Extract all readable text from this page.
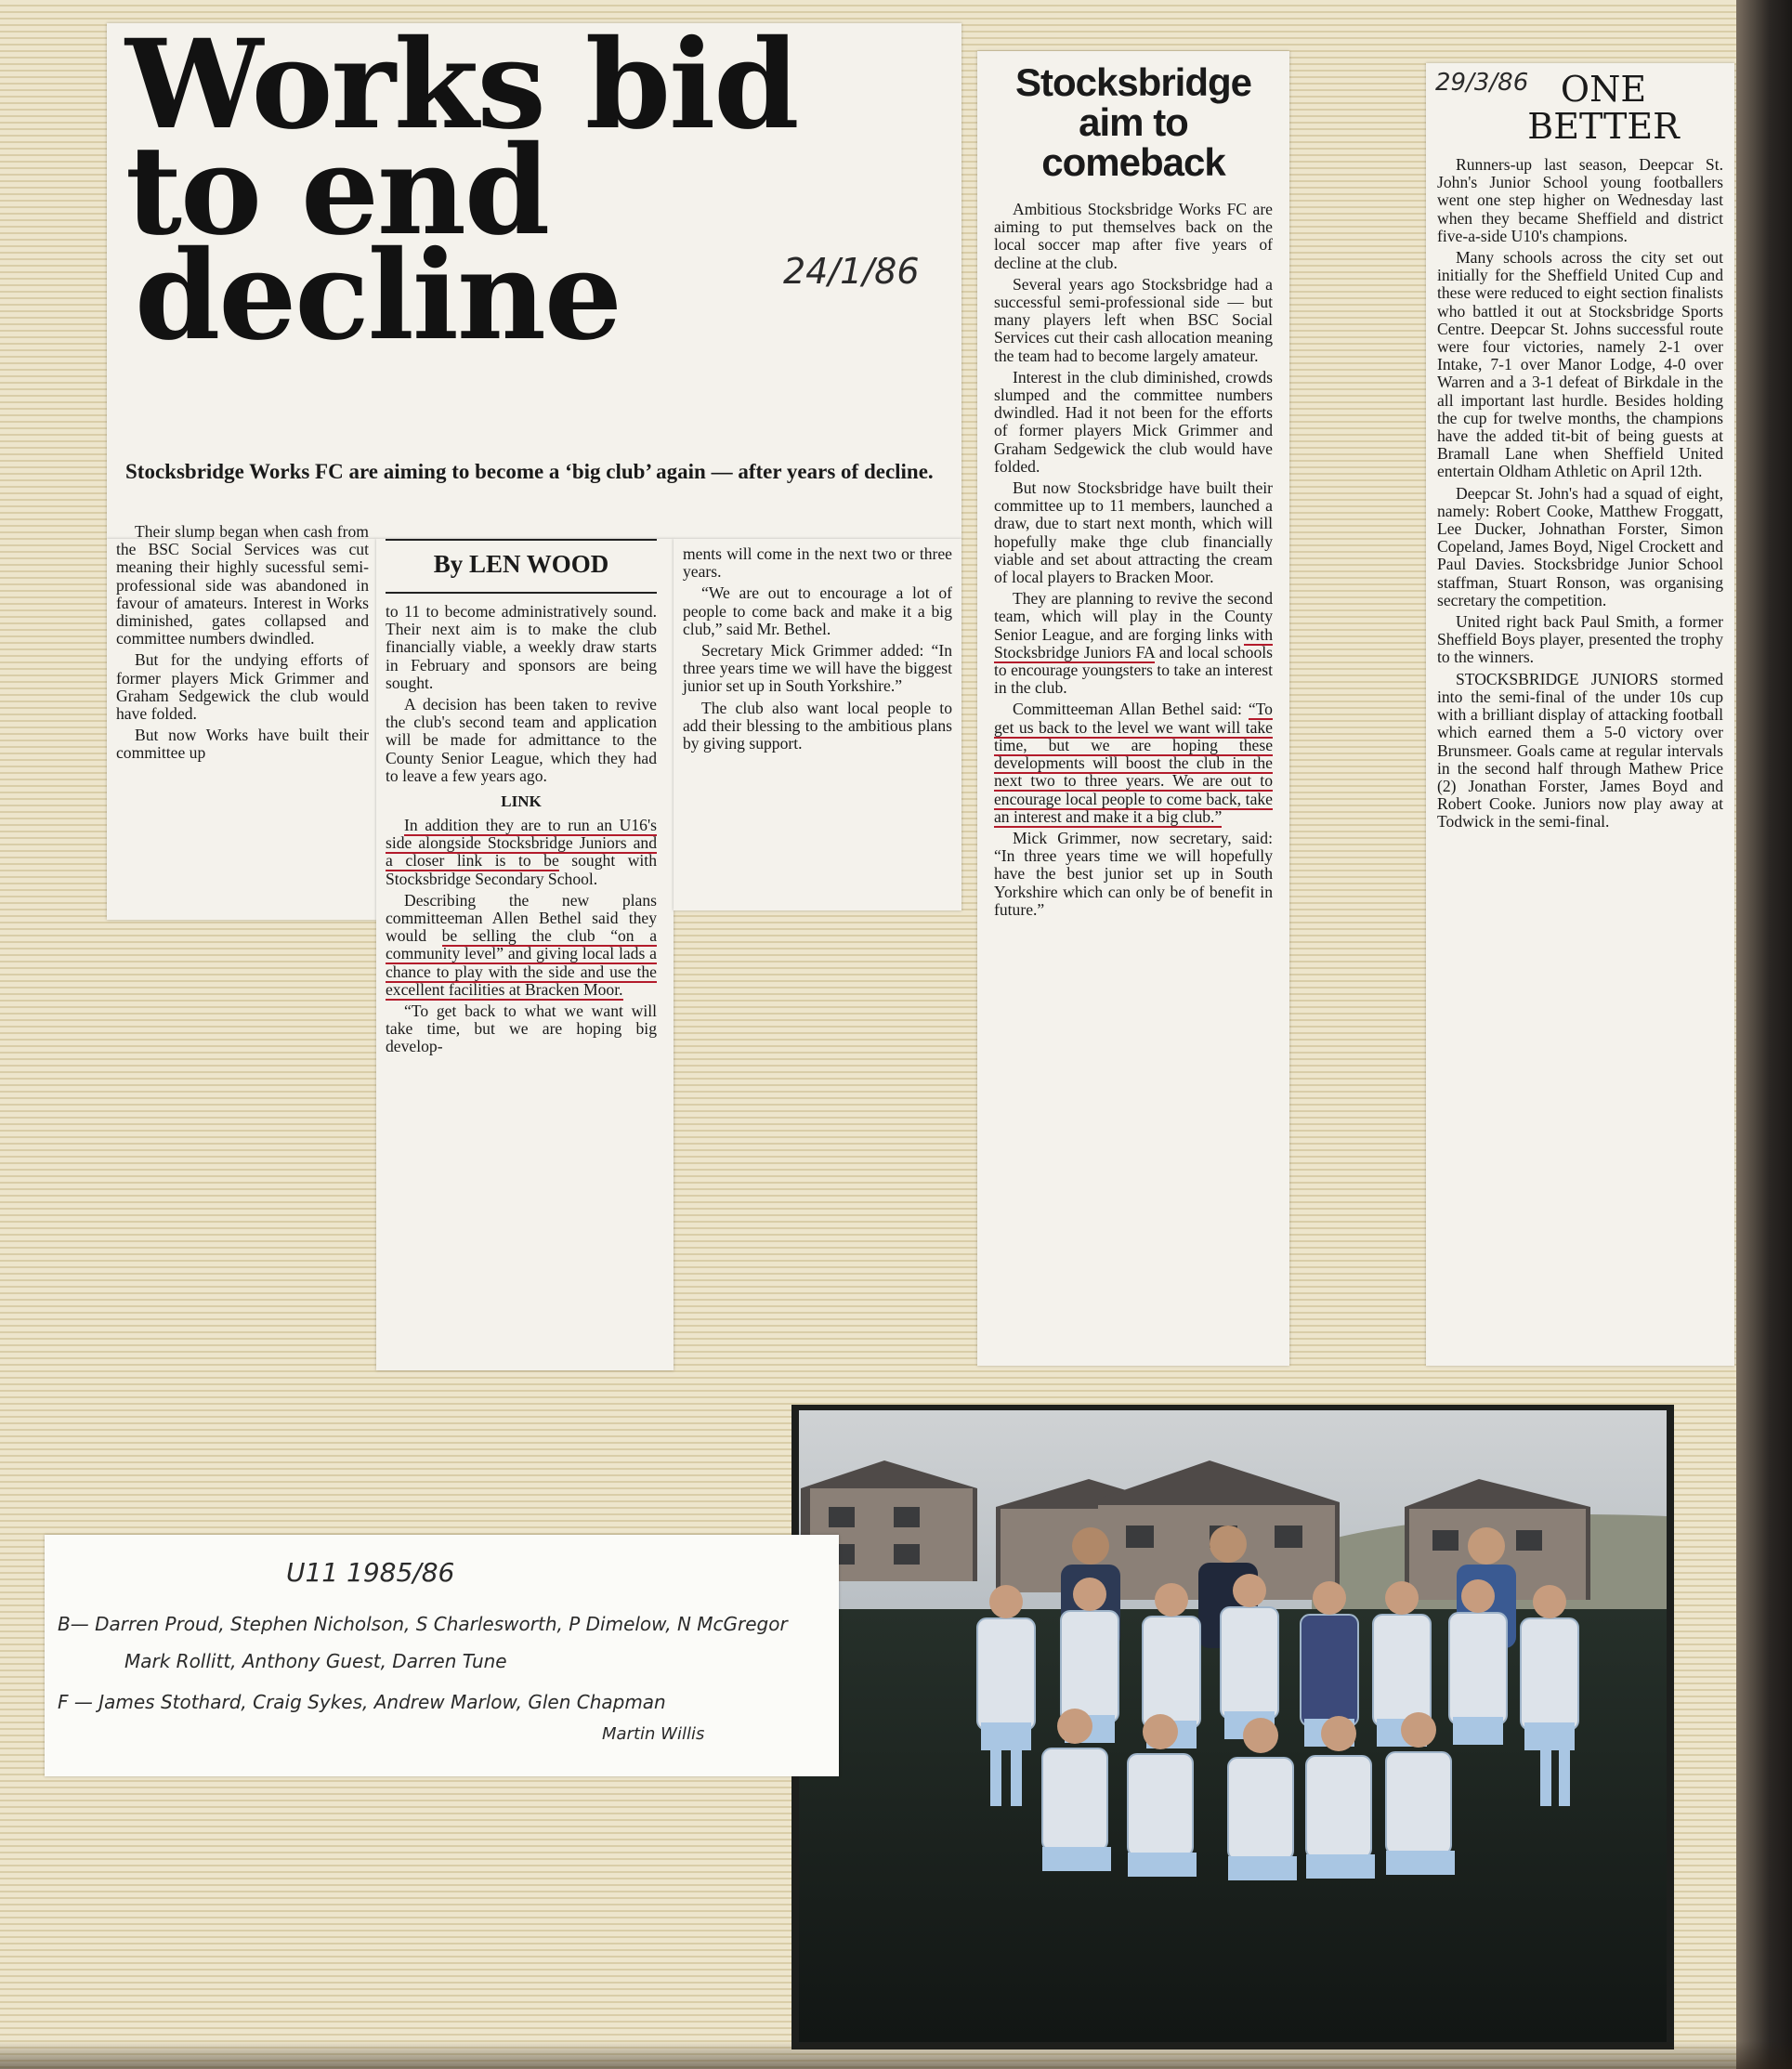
Works bid
to end
decline	24/1/86

Stocksbridge Works FC are aiming to become a ‘big club’ again — after years of decline.

Their slump began when cash from the BSC Social Services was cut meaning their highly sucessful semi-professional side was abandoned in favour of amateurs. Interest in Works diminished, gates collapsed and committee numbers dwindled.

But for the undying efforts of former players Mick Grimmer and Graham Sedgewick the club would have folded.

But now Works have built their committee up

By LEN WOOD

to 11 to become administratively sound. Their next aim is to make the club financially viable, a weekly draw starts in February and sponsors are being sought.

A decision has been taken to revive the club's second team and application will be made for admittance to the County Senior League, which they had to leave a few years ago.

LINK

In addition they are to run an U16's side alongside Stocksbridge Juniors and a closer link is to be sought with Stocksbridge Secondary School.

Describing the new plans committeeman Allen Bethel said they would be selling the club “on a community level” and giving local lads a chance to play with the side and use the excellent facilities at Bracken Moor.

“To get back to what we want will take time, but we are hoping big develop-

ments will come in the next two or three years.

“We are out to encourage a lot of people to come back and make it a big club,” said Mr. Bethel.

Secretary Mick Grimmer added: “In three years time we will have the biggest junior set up in South Yorkshire.”

The club also want local people to add their blessing to the ambitious plans by giving support.

Stocksbridge aim to comeback

Ambitious Stocksbridge Works FC are aiming to put themselves back on the local soccer map after five years of decline at the club.

Several years ago Stocksbridge had a successful semi-professional side — but many players left when BSC Social Services cut their cash allocation meaning the team had to become largely amateur.

Interest in the club diminished, crowds slumped and the committee numbers dwindled. Had it not been for the efforts of former players Mick Grimmer and Graham Sedgewick the club would have folded.

But now Stocksbridge have built their committee up to 11 members, launched a draw, due to start next month, which will hopefully make thge club financially viable and set about attracting the cream of local players to Bracken Moor.

They are planning to revive the second team, which will play in the County Senior League, and are forging links with Stocksbridge Juniors FA and local schools to encourage youngsters to take an interest in the club.

Committeeman Allan Bethel said: “To get us back to the level we want will take time, but we are hoping these developments will boost the club in the next two to three years. We are out to encourage local people to come back, take an interest and make it a big club.”

Mick Grimmer, now secretary, said: “In three years time we will hopefully have the best junior set up in South Yorkshire which can only be of benefit in future.”

29/3/86 ONE BETTER

Runners-up last season, Deepcar St. John's Junior School young footballers went one step higher on Wednesday last when they became Sheffield and district five-a-side U10's champions.

Many schools across the city set out initially for the Sheffield United Cup and these were reduced to eight section finalists who battled it out at Stocksbridge Sports Centre. Deepcar St. Johns successful route were four victories, namely 2-1 over Intake, 7-1 over Manor Lodge, 4-0 over Warren and a 3-1 defeat of Birkdale in the all important last hurdle. Besides holding the cup for twelve months, the champions have the added tit-bit of being guests at Bramall Lane when Sheffield United entertain Oldham Athletic on April 12th.

Deepcar St. John's had a squad of eight, namely: Robert Cooke, Matthew Froggatt, Lee Ducker, Johnathan Forster, Simon Copeland, James Boyd, Nigel Crockett and Paul Davies. Stocksbridge Junior School staffman, Stuart Ronson, was organising secretary the competition.

United right back Paul Smith, a former Sheffield Boys player, presented the trophy to the winners.

STOCKSBRIDGE JUNIORS stormed into the semi-final of the under 10s cup with a brilliant display of attacking football which earned them a 5-0 victory over Brunsmeer. Goals came at regular intervals in the second half through Mathew Price (2) Jonathan Forster, James Boyd and Robert Cooke. Juniors now play away at Todwick in the semi-final.

U11 1985/86
B— Darren Proud, Stephen Nicholson, S Charlesworth, P Dimelow, N McGregor
Mark Rollitt, Anthony Guest, Darren Tune
F — James Stothard, Craig Sykes, Andrew Marlow, Glen Chapman
Martin Willis
